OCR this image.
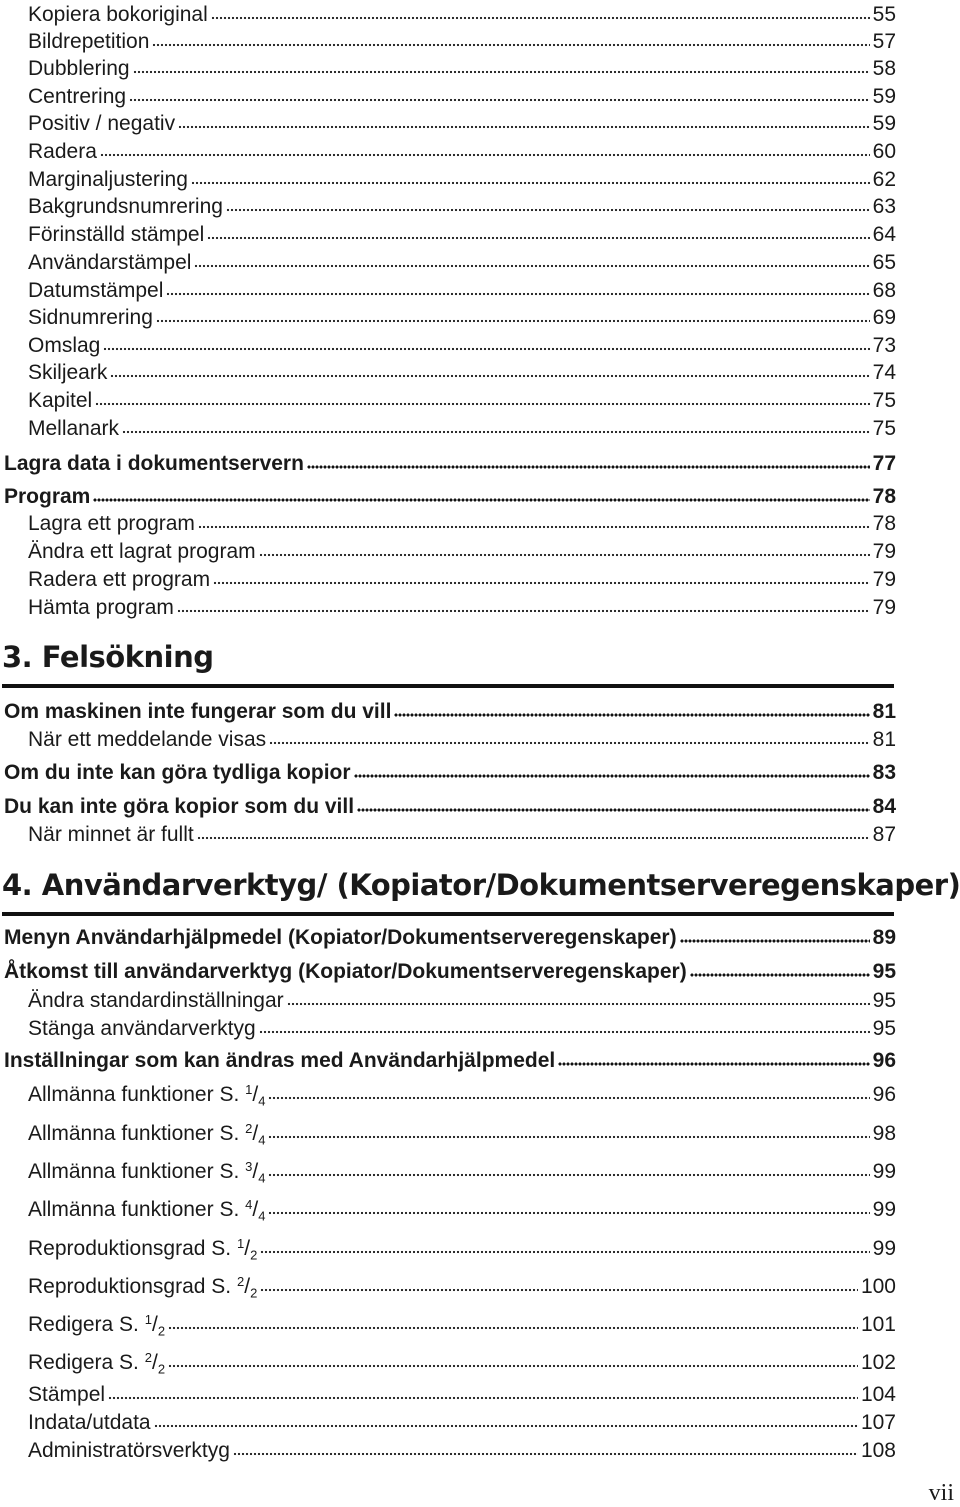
3. Felsökning
4. Användarverktyg/ (Kopiator/Dokumentserveregenskaper)
Kopiera bokoriginal	55
Bildrepetition	57
Dubblering	58
Centrering	59
Positiv / negativ	59
Radera	60
Marginaljustering	62
Bakgrundsnumrering	63
Förinställd stämpel	64
Användarstämpel	65
Datumstämpel	68
Sidnumrering	69
Omslag	73
Skiljeark	74
Kapitel	75
Mellanark	75
Lagra data i dokumentservern	77
Program	78
Lagra ett program	78
Ändra ett lagrat program	79
Radera ett program	79
Hämta program	79
Om maskinen inte fungerar som du vill	81
När ett meddelande visas	81
Om du inte kan göra tydliga kopior	83
Du kan inte göra kopior som du vill	84
När minnet är fullt	87
Menyn Användarhjälpmedel (Kopiator/Dokumentserveregenskaper)	89
Åtkomst till användarverktyg (Kopiator/Dokumentserveregenskaper)	95
Ändra standardinställningar	95
Stänga användarverktyg	95
Inställningar som kan ändras med Användarhjälpmedel	96
Allmänna funktioner S. $^1/_4$	96
Allmänna funktioner S. $^2/_4$	98
Allmänna funktioner S. $^3/_4$	99
Allmänna funktioner S. $^4/_4$	99
Reproduktionsgrad S. $^1/_2$	99
Reproduktionsgrad S. $^2/_2$	100
Redigera S. $^1/_2$	101
Redigera S. $^2/_2$	102
Stämpel	104
Indata/utdata	107
Administratörsverktyg	108
vii
